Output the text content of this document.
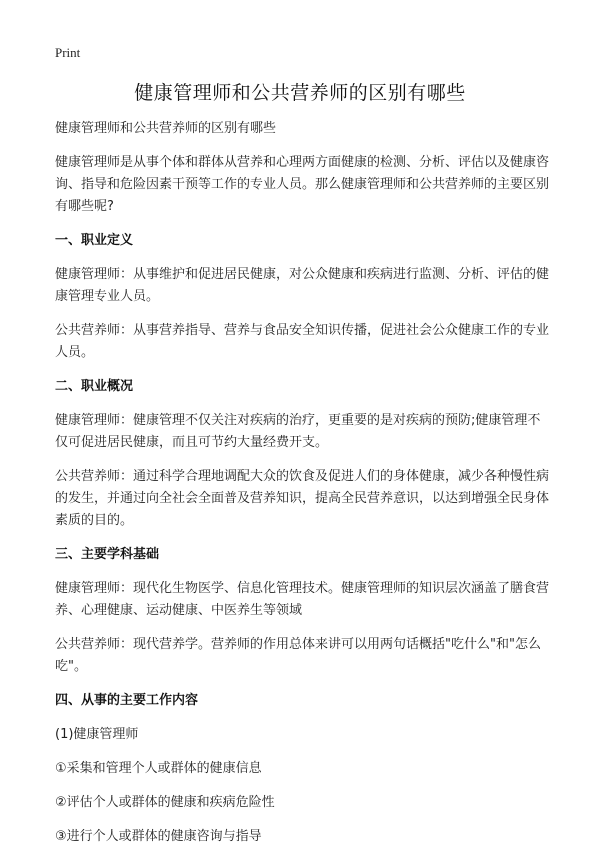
Print
健康管理师和公共营养师的区别有哪些

健康管理师和公共营养师的区别有哪些

健康管理师是从事个体和群体从营养和心理两方面健康的检测、分析、评估以及健康咨询、指导和危险因素干预等工作的专业人员。那么健康管理师和公共营养师的主要区别有哪些呢?

一、职业定义

健康管理师：从事维护和促进居民健康，对公众健康和疾病进行监测、分析、评估的健康管理专业人员。

公共营养师：从事营养指导、营养与食品安全知识传播，促进社会公众健康工作的专业人员。

二、职业概况

健康管理师：健康管理不仅关注对疾病的治疗，更重要的是对疾病的预防;健康管理不仅可促进居民健康，而且可节约大量经费开支。

公共营养师：通过科学合理地调配大众的饮食及促进人们的身体健康，减少各种慢性病的发生，并通过向全社会全面普及营养知识，提高全民营养意识，以达到增强全民身体素质的目的。

三、主要学科基础

健康管理师：现代化生物医学、信息化管理技术。健康管理师的知识层次涵盖了膳食营养、心理健康、运动健康、中医养生等领域

公共营养师：现代营养学。营养师的作用总体来讲可以用两句话概括"吃什么"和"怎么吃"。

四、从事的主要工作内容

(1)健康管理师

①采集和管理个人或群体的健康信息

②评估个人或群体的健康和疾病危险性

③进行个人或群体的健康咨询与指导
